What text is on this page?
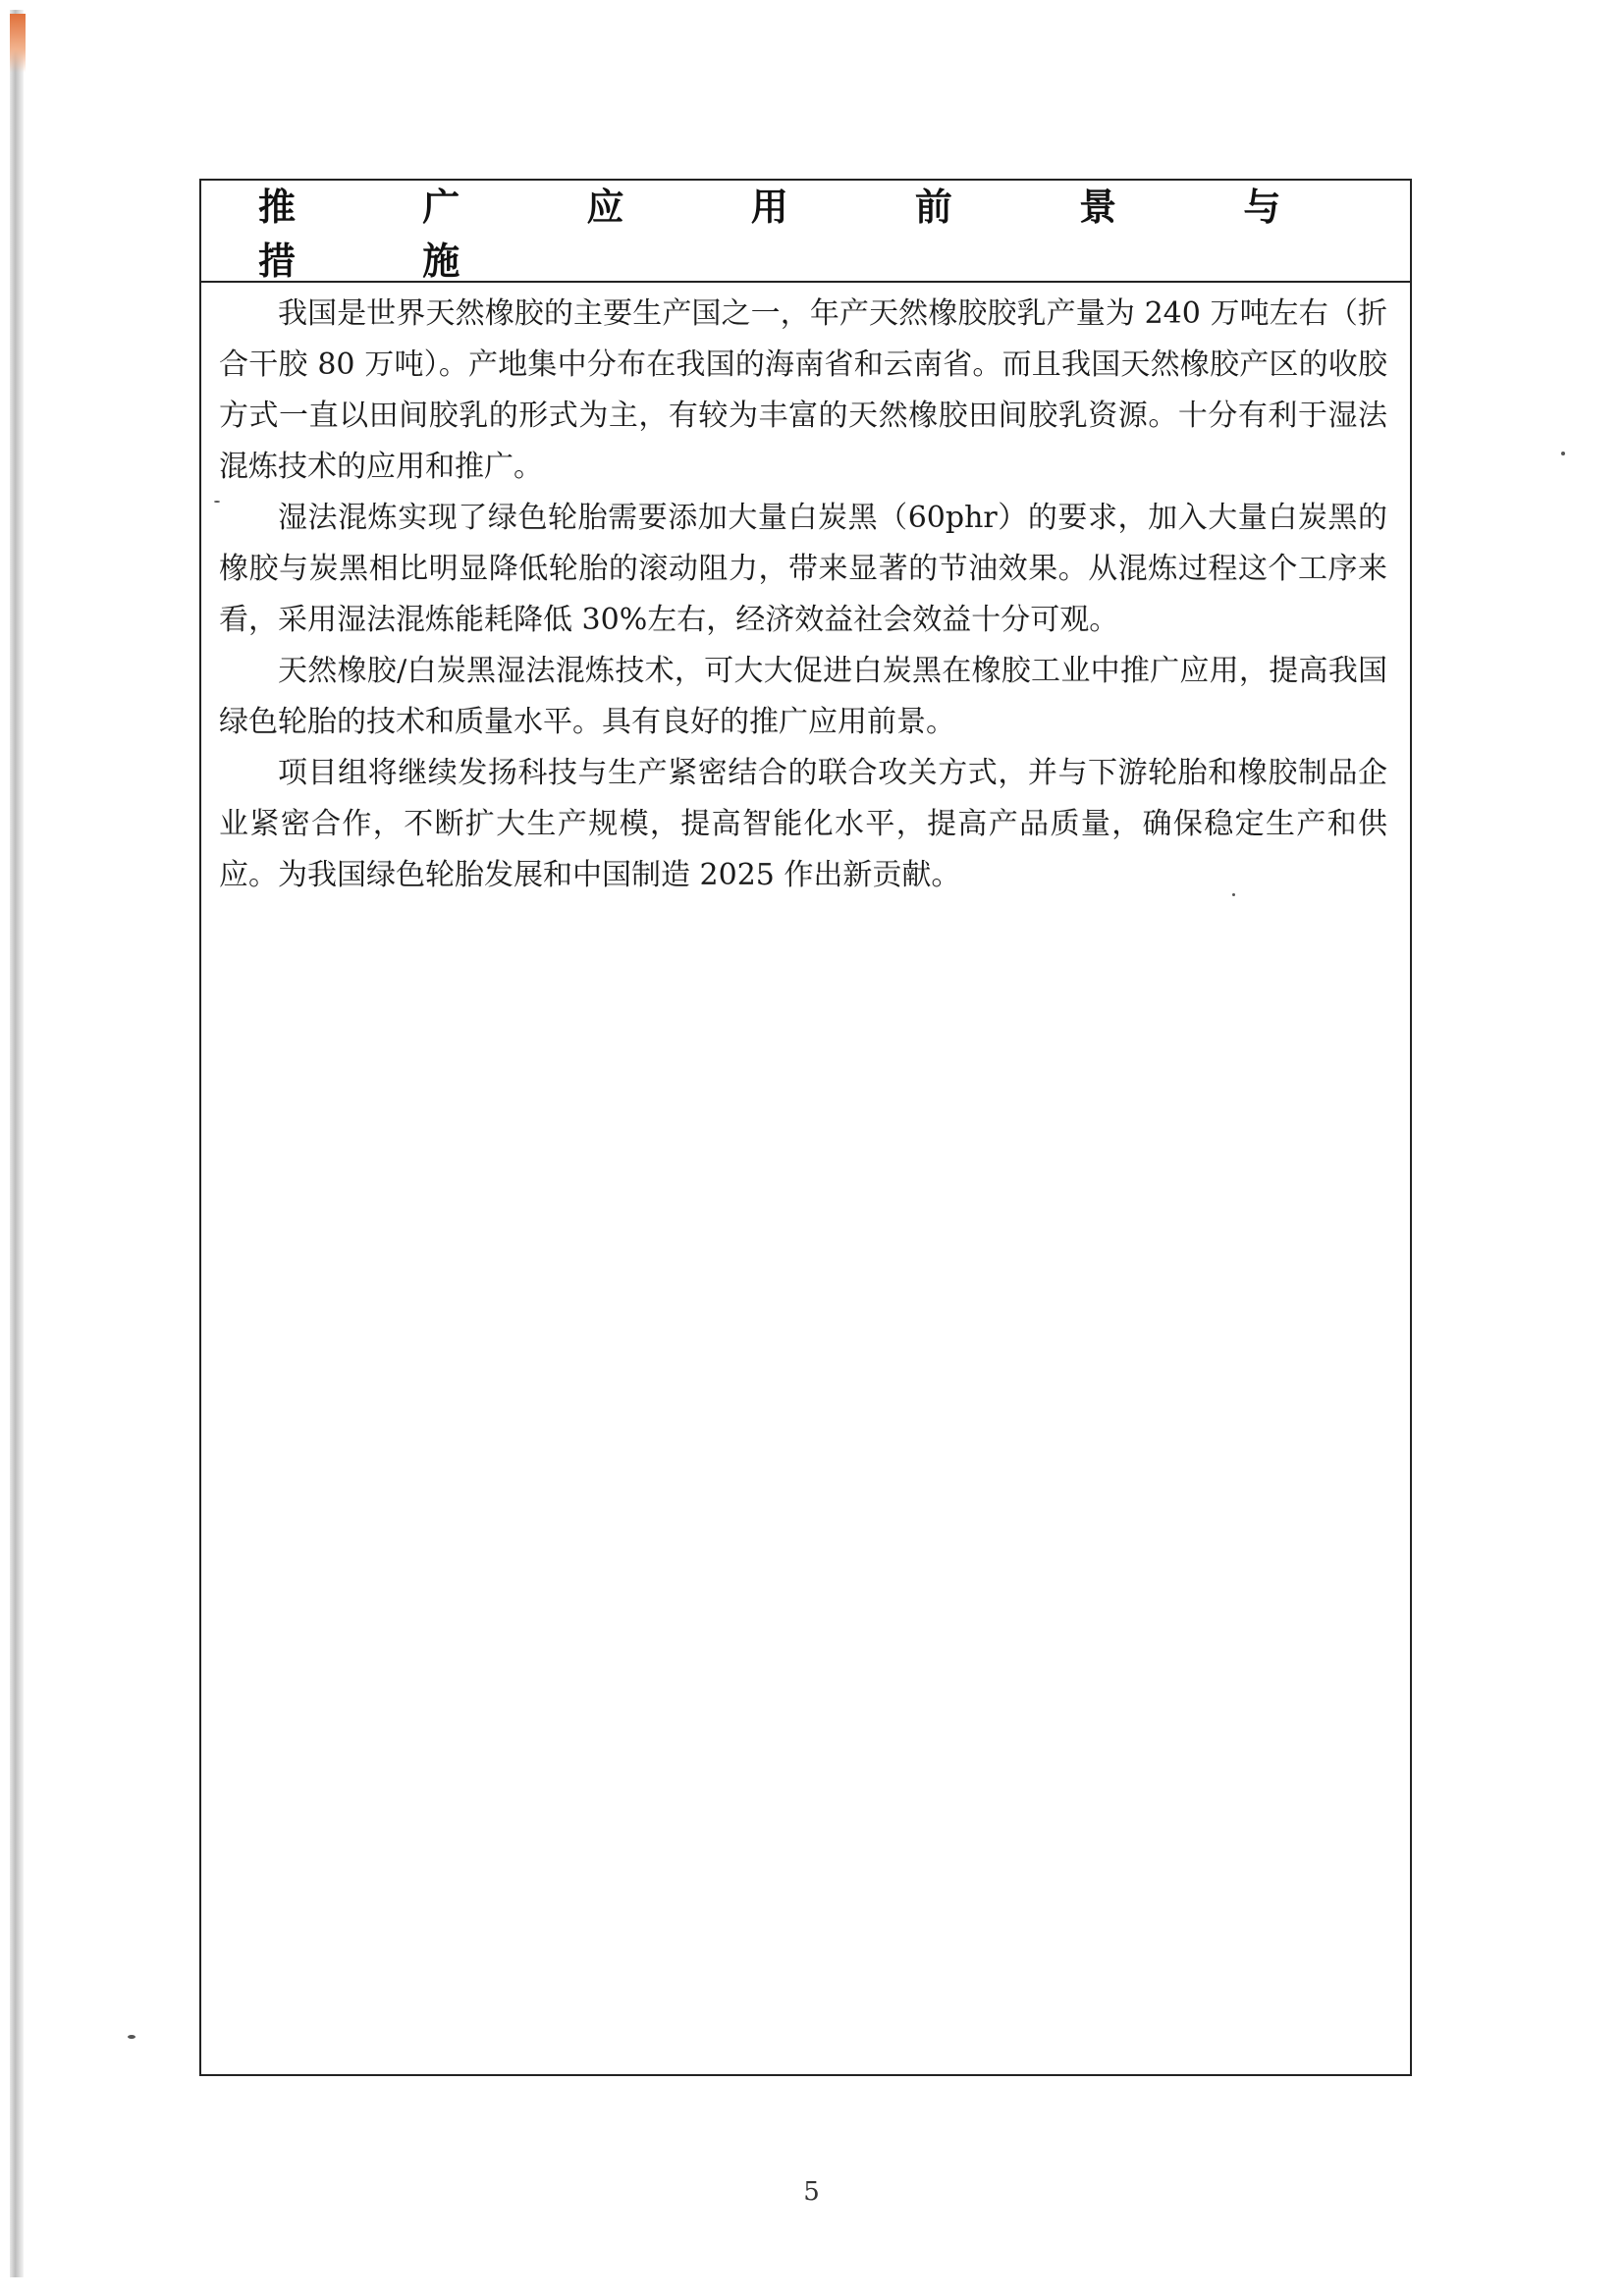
推 广 应 用 前 景 与 措 施

我国是世界天然橡胶的主要生产国之一，年产天然橡胶胶乳产量为 240 万吨左右（折合干胶 80 万吨）。产地集中分布在我国的海南省和云南省。而且我国天然橡胶产区的收胶方式一直以田间胶乳的形式为主，有较为丰富的天然橡胶田间胶乳资源。十分有利于湿法混炼技术的应用和推广。

湿法混炼实现了绿色轮胎需要添加大量白炭黑（60phr）的要求，加入大量白炭黑的橡胶与炭黑相比明显降低轮胎的滚动阻力，带来显著的节油效果。从混炼过程这个工序来看，采用湿法混炼能耗降低 30%左右，经济效益社会效益十分可观。

天然橡胶/白炭黑湿法混炼技术，可大大促进白炭黑在橡胶工业中推广应用，提高我国绿色轮胎的技术和质量水平。具有良好的推广应用前景。

项目组将继续发扬科技与生产紧密结合的联合攻关方式，并与下游轮胎和橡胶制品企业紧密合作，不断扩大生产规模，提高智能化水平，提高产品质量，确保稳定生产和供应。为我国绿色轮胎发展和中国制造 2025 作出新贡献。

5
